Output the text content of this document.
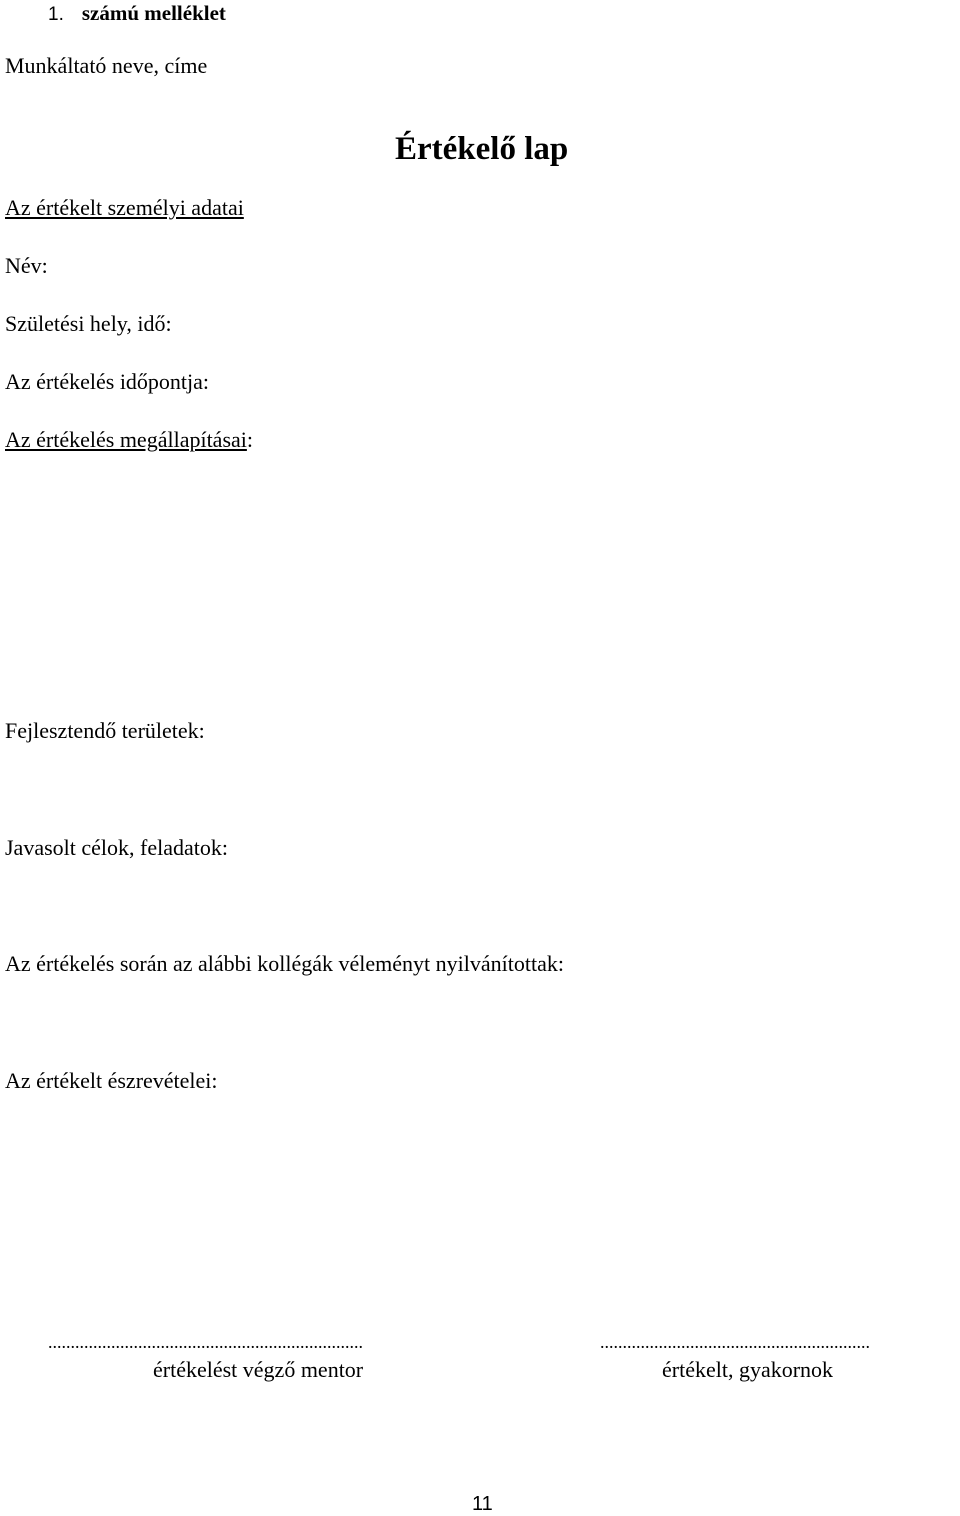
1. számú melléklet
Munkáltató neve, címe
Értékelő lap
Az értékelt személyi adatai
Név:
Születési hely, idő:
Az értékelés időpontja:
Az értékelés megállapításai:
Fejlesztendő területek:
Javasolt célok, feladatok:
Az értékelés során az alábbi kollégák véleményt nyilvánítottak:
Az értékelt észrevételei:
......................................................................
értékelést végző mentor
............................................................
értékelt, gyakornok
11
